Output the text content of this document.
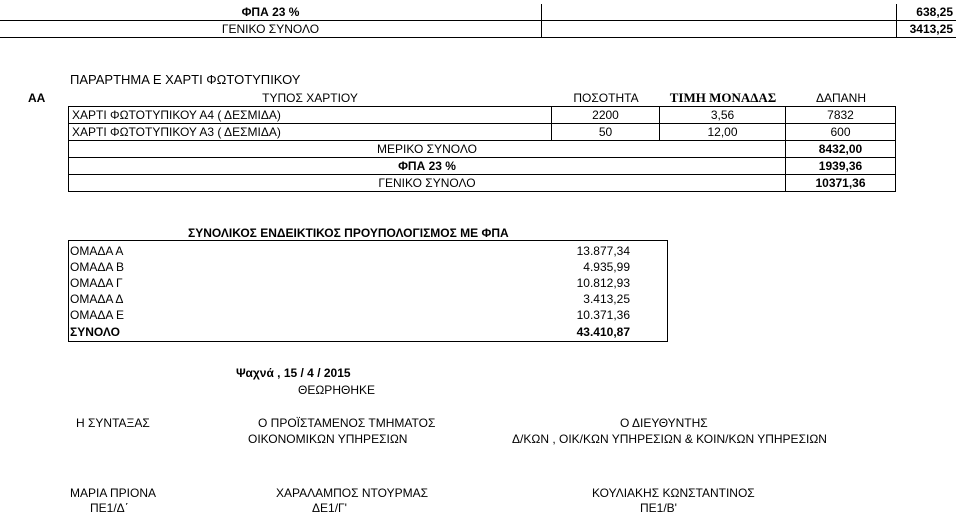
ΦΠΑ 23 %	638,25
ΓΕΝΙΚΟ ΣΥΝΟΛΟ	3413,25
ΠΑΡΑΡΤΗΜΑ Ε ΧΑΡΤΙ ΦΩΤΟΤΥΠΙΚΟΥ
ΑΑ	ΤΥΠΟΣ ΧΑΡΤΙΟΥ	ΠΟΣΟΤΗΤΑ	ΤΙΜΗ ΜΟΝΑΔΑΣ	ΔΑΠΑΝΗ
ΧΑΡΤΙ ΦΩΤΟΤΥΠΙΚΟΥ Α4 ( ΔΕΣΜΙΔΑ)	2200	3,56	7832
ΧΑΡΤΙ ΦΩΤΟΤΥΠΙΚΟΥ Α3 ( ΔΕΣΜΙΔΑ)	50	12,00	600
ΜΕΡΙΚΟ ΣΥΝΟΛΟ	8432,00
ΦΠΑ 23 %	1939,36
ΓΕΝΙΚΟ ΣΥΝΟΛΟ	10371,36
ΣΥΝΟΛΙΚΟΣ ΕΝΔΕΙΚΤΙΚΟΣ ΠΡΟΥΠΟΛΟΓΙΣΜΟΣ ΜΕ ΦΠΑ
ΟΜΑΔΑ Α	13.877,34
ΟΜΑΔΑ Β	4.935,99
ΟΜΑΔΑ Γ	10.812,93
ΟΜΑΔΑ Δ	3.413,25
ΟΜΑΔΑ Ε	10.371,36
ΣΥΝΟΛΟ	43.410,87
Ψαχνά , 15 / 4 / 2015
ΘΕΩΡΗΘΗΚΕ
Η ΣΥΝΤΑΞΑΣ	Ο ΠΡΟΪΣΤΑΜΕΝΟΣ ΤΜΗΜΑΤΟΣ
ΟΙΚΟΝΟΜΙΚΩΝ ΥΠΗΡΕΣΙΩΝ
Ο ΔΙΕΥΘΥΝΤΗΣ
Δ/ΚΩΝ , ΟΙΚ/ΚΩΝ ΥΠΗΡΕΣΙΩΝ & ΚΟΙΝ/ΚΩΝ ΥΠΗΡΕΣΙΩΝ
ΜΑΡΙΑ ΠΡΙΟΝΑ
ΠΕ1/Δ΄
ΧΑΡΑΛΑΜΠΟΣ ΝΤΟΥΡΜΑΣ
ΔΕ1/Γ'
ΚΟΥΛΙΑΚΗΣ ΚΩΝΣΤΑΝΤΙΝΟΣ
ΠΕ1/Β'
